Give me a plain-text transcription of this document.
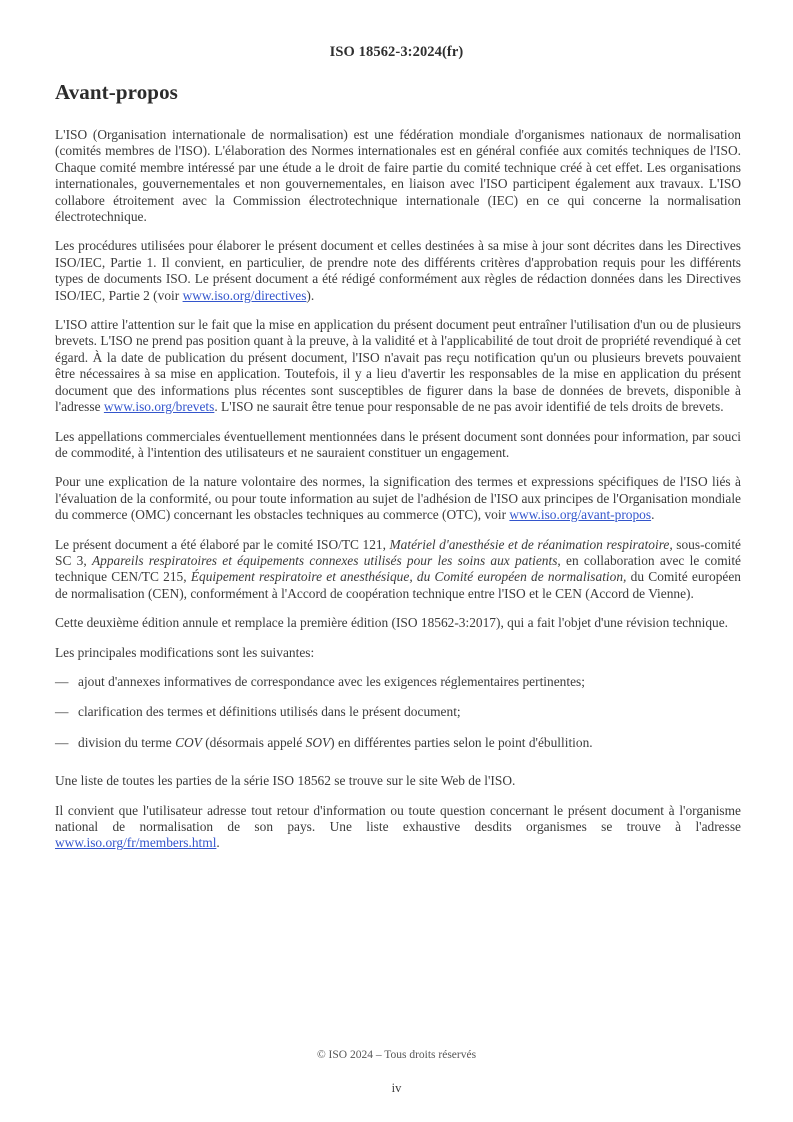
ISO 18562-3:2024(fr)
Avant-propos

L'ISO (Organisation internationale de normalisation) est une fédération mondiale d'organismes nationaux de normalisation (comités membres de l'ISO). L'élaboration des Normes internationales est en général confiée aux comités techniques de l'ISO. Chaque comité membre intéressé par une étude a le droit de faire partie du comité technique créé à cet effet. Les organisations internationales, gouvernementales et non gouvernementales, en liaison avec l'ISO participent également aux travaux. L'ISO collabore étroitement avec la Commission électrotechnique internationale (IEC) en ce qui concerne la normalisation électrotechnique.

Les procédures utilisées pour élaborer le présent document et celles destinées à sa mise à jour sont décrites dans les Directives ISO/IEC, Partie 1. Il convient, en particulier, de prendre note des différents critères d'approbation requis pour les différents types de documents ISO. Le présent document a été rédigé conformément aux règles de rédaction données dans les Directives ISO/IEC, Partie 2 (voir www.iso.org/directives).

L'ISO attire l'attention sur le fait que la mise en application du présent document peut entraîner l'utilisation d'un ou de plusieurs brevets. L'ISO ne prend pas position quant à la preuve, à la validité et à l'applicabilité de tout droit de propriété revendiqué à cet égard. À la date de publication du présent document, l'ISO n'avait pas reçu notification qu'un ou plusieurs brevets pouvaient être nécessaires à sa mise en application. Toutefois, il y a lieu d'avertir les responsables de la mise en application du présent document que des informations plus récentes sont susceptibles de figurer dans la base de données de brevets, disponible à l'adresse www.iso.org/brevets. L'ISO ne saurait être tenue pour responsable de ne pas avoir identifié de tels droits de brevets.

Les appellations commerciales éventuellement mentionnées dans le présent document sont données pour information, par souci de commodité, à l'intention des utilisateurs et ne sauraient constituer un engagement.

Pour une explication de la nature volontaire des normes, la signification des termes et expressions spécifiques de l'ISO liés à l'évaluation de la conformité, ou pour toute information au sujet de l'adhésion de l'ISO aux principes de l'Organisation mondiale du commerce (OMC) concernant les obstacles techniques au commerce (OTC), voir www.iso.org/avant-propos.

Le présent document a été élaboré par le comité ISO/TC 121, Matériel d'anesthésie et de réanimation respiratoire, sous-comité SC 3, Appareils respiratoires et équipements connexes utilisés pour les soins aux patients, en collaboration avec le comité technique CEN/TC 215, Équipement respiratoire et anesthésique, du Comité européen de normalisation, du Comité européen de normalisation (CEN), conformément à l'Accord de coopération technique entre l'ISO et le CEN (Accord de Vienne).

Cette deuxième édition annule et remplace la première édition (ISO 18562-3:2017), qui a fait l'objet d'une révision technique.

Les principales modifications sont les suivantes:

— ajout d'annexes informatives de correspondance avec les exigences réglementaires pertinentes;
— clarification des termes et définitions utilisés dans le présent document;
— division du terme COV (désormais appelé SOV) en différentes parties selon le point d'ébullition.

Une liste de toutes les parties de la série ISO 18562 se trouve sur le site Web de l'ISO.

Il convient que l'utilisateur adresse tout retour d'information ou toute question concernant le présent document à l'organisme national de normalisation de son pays. Une liste exhaustive desdits organismes se trouve à l'adresse www.iso.org/fr/members.html.

© ISO 2024 – Tous droits réservés
iv
